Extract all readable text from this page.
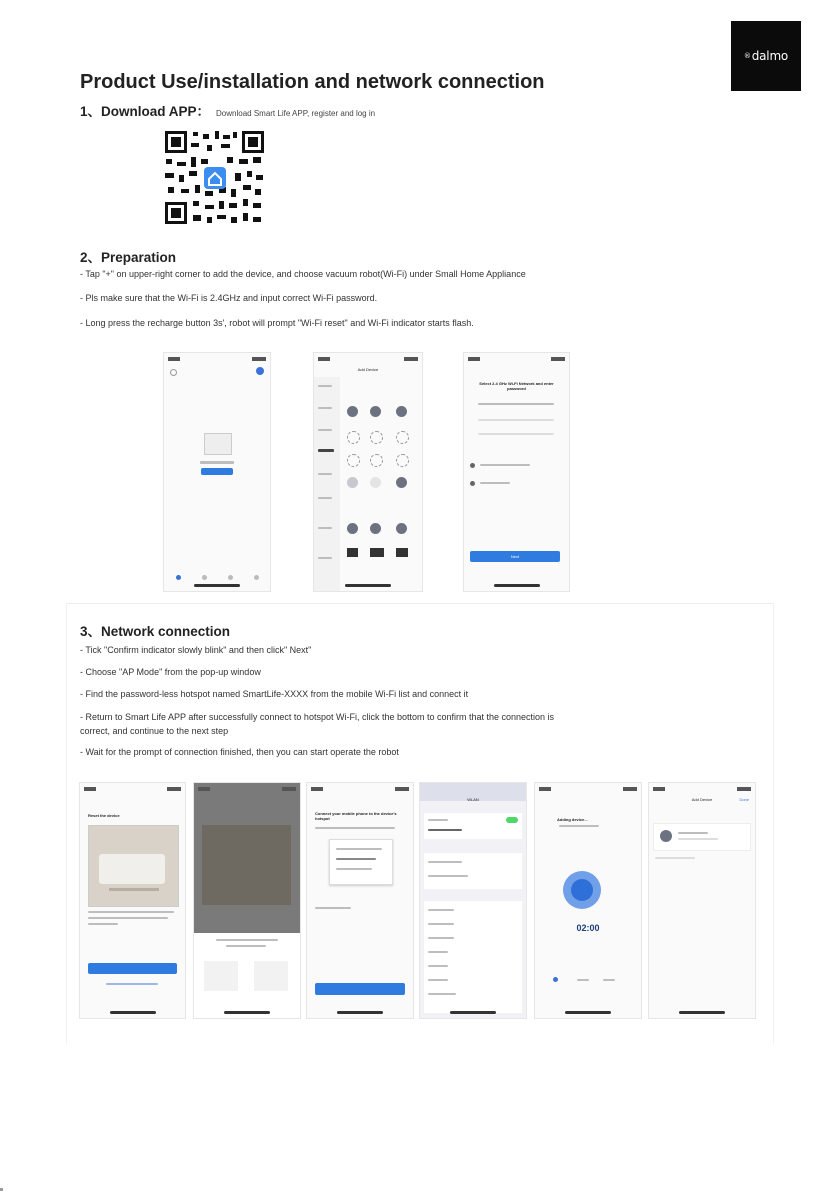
® dalmo
Product Use/installation and network connection
1、Download APP： Download Smart Life APP, register and log in
2、Preparation
- Tap "+" on upper-right corner to add the device, and choose vacuum robot(Wi-Fi) under Small Home Appliance
- Pls make sure that the Wi-Fi is 2.4GHz and input correct Wi-Fi password.
- Long press the recharge button 3s', robot will prompt "Wi-Fi reset" and Wi-Fi indicator starts flash.
Add Device
Select 2.4 GHz Wi-Fi Network and enter password
Next
3、Network connection
- Tick "Confirm indicator slowly blink" and then click" Next"
- Choose "AP Mode" from the pop-up window
- Find the password-less hotspot named SmartLife-XXXX from the mobile Wi-Fi list and connect it
- Return to Smart Life APP after successfully connect to hotspot Wi-Fi, click the bottom to confirm that the connection is
correct, and continue to the next step
- Wait for the prompt of connection finished, then you can start operate the robot
Reset the device	Connect your mobile phone to the device's hotspot
WLAN
Adding device...
02:00
Add Device	Done
